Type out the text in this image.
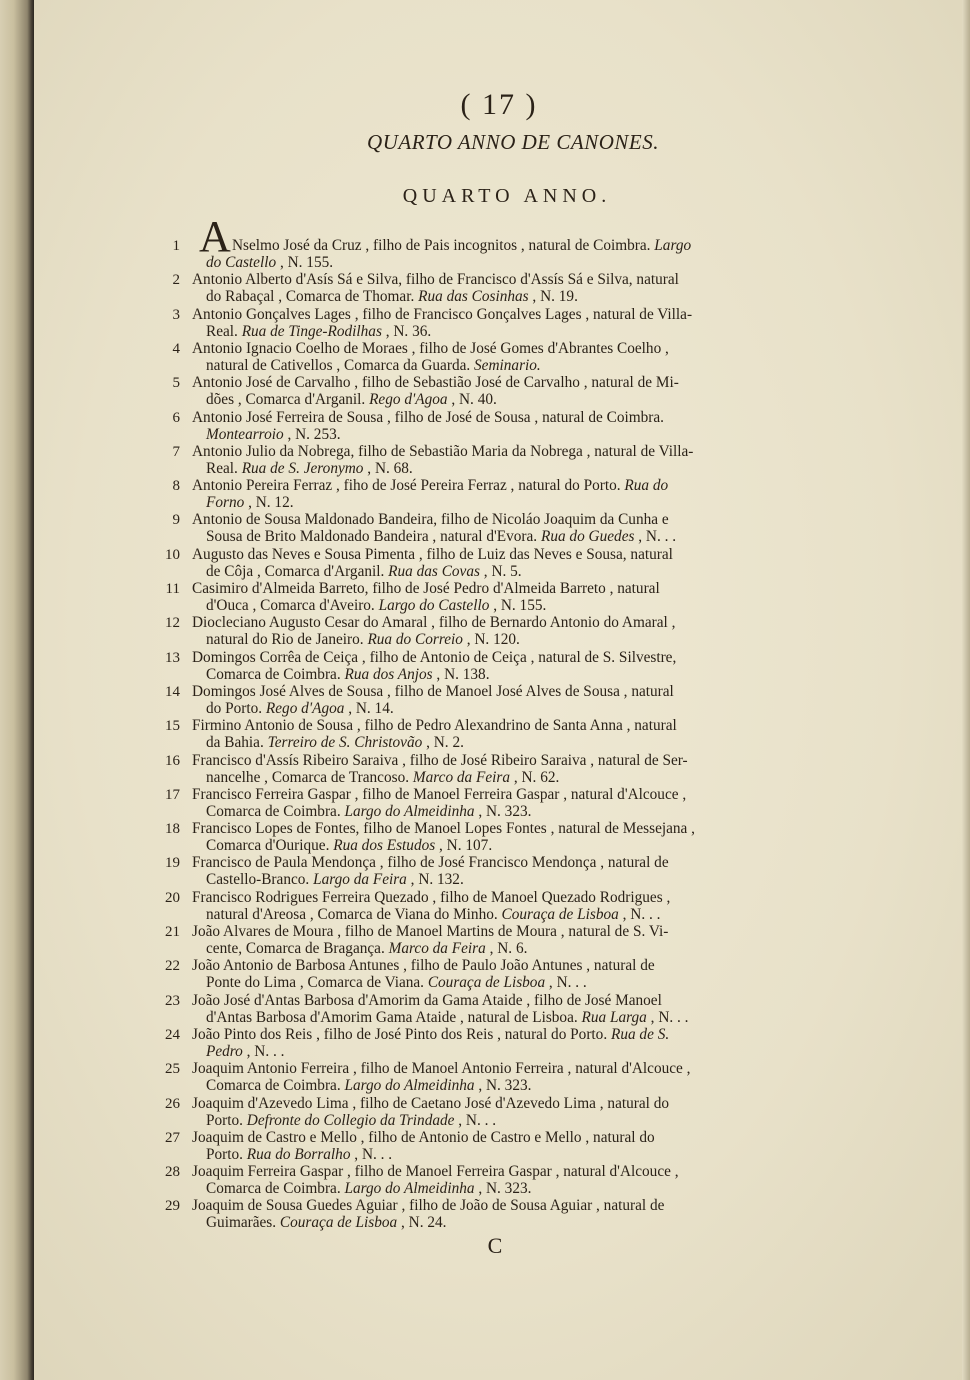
( 17 )
QUARTO ANNO DE CANONES.
QUARTO ANNO.
A
1	Nselmo José da Cruz , filho de Pais incognitos , natural de Coimbra. Largo
do Castello , N. 155.
2 Antonio Alberto d'Asís Sá e Silva, filho de Francisco d'Assís Sá e Silva, natural
do Rabaçal , Comarca de Thomar. Rua das Cosinhas , N. 19.
3 Antonio Gonçalves Lages , filho de Francisco Gonçalves Lages , natural de Villa-
Real. Rua de Tinge-Rodilhas , N. 36.
4 Antonio Ignacio Coelho de Moraes , filho de José Gomes d'Abrantes Coelho ,
natural de Cativellos , Comarca da Guarda. Seminario.
5 Antonio José de Carvalho , filho de Sebastião José de Carvalho , natural de Mi-
dões , Comarca d'Arganil. Rego d'Agoa , N. 40.
6 Antonio José Ferreira de Sousa , filho de José de Sousa , natural de Coimbra.
Montearroio , N. 253.
7 Antonio Julio da Nobrega, filho de Sebastião Maria da Nobrega , natural de Villa-
Real. Rua de S. Jeronymo , N. 68.
8 Antonio Pereira Ferraz , fiho de José Pereira Ferraz , natural do Porto. Rua do
Forno , N. 12.
9 Antonio de Sousa Maldonado Bandeira, filho de Nicoláo Joaquim da Cunha e
Sousa de Brito Maldonado Bandeira , natural d'Evora. Rua do Guedes , N. . .
10 Augusto das Neves e Sousa Pimenta , filho de Luiz das Neves e Sousa, natural
de Côja , Comarca d'Arganil. Rua das Covas , N. 5.
11 Casimiro d'Almeida Barreto, filho de José Pedro d'Almeida Barreto , natural
d'Ouca , Comarca d'Aveiro. Largo do Castello , N. 155.
12 Diocleciano Augusto Cesar do Amaral , filho de Bernardo Antonio do Amaral ,
natural do Rio de Janeiro. Rua do Correio , N. 120.
13 Domingos Corrêa de Ceiça , filho de Antonio de Ceiça , natural de S. Silvestre,
Comarca de Coimbra. Rua dos Anjos , N. 138.
14 Domingos José Alves de Sousa , filho de Manoel José Alves de Sousa , natural
do Porto. Rego d'Agoa , N. 14.
15 Firmino Antonio de Sousa , filho de Pedro Alexandrino de Santa Anna , natural
da Bahia. Terreiro de S. Christovão , N. 2.
16 Francisco d'Assís Ribeiro Saraiva , filho de José Ribeiro Saraiva , natural de Ser-
nancelhe , Comarca de Trancoso. Marco da Feira , N. 62.
17 Francisco Ferreira Gaspar , filho de Manoel Ferreira Gaspar , natural d'Alcouce ,
Comarca de Coimbra. Largo do Almeidinha , N. 323.
18 Francisco Lopes de Fontes, filho de Manoel Lopes Fontes , natural de Messejana ,
Comarca d'Ourique. Rua dos Estudos , N. 107.
19 Francisco de Paula Mendonça , filho de José Francisco Mendonça , natural de
Castello-Branco. Largo da Feira , N. 132.
20 Francisco Rodrigues Ferreira Quezado , filho de Manoel Quezado Rodrigues ,
natural d'Areosa , Comarca de Viana do Minho. Couraça de Lisboa , N. . .
21 João Alvares de Moura , filho de Manoel Martins de Moura , natural de S. Vi-
cente, Comarca de Bragança. Marco da Feira , N. 6.
22 João Antonio de Barbosa Antunes , filho de Paulo João Antunes , natural de
Ponte do Lima , Comarca de Viana. Couraça de Lisboa , N. . .
23 João José d'Antas Barbosa d'Amorim da Gama Ataide , filho de José Manoel
d'Antas Barbosa d'Amorim Gama Ataide , natural de Lisboa. Rua Larga , N. . .
24 João Pinto dos Reis , filho de José Pinto dos Reis , natural do Porto. Rua de S.
Pedro , N. . .
25 Joaquim Antonio Ferreira , filho de Manoel Antonio Ferreira , natural d'Alcouce ,
Comarca de Coimbra. Largo do Almeidinha , N. 323.
26 Joaquim d'Azevedo Lima , filho de Caetano José d'Azevedo Lima , natural do
Porto. Defronte do Collegio da Trindade , N. . .
27 Joaquim de Castro e Mello , filho de Antonio de Castro e Mello , natural do
Porto. Rua do Borralho , N. . .
28 Joaquim Ferreira Gaspar , filho de Manoel Ferreira Gaspar , natural d'Alcouce ,
Comarca de Coimbra. Largo do Almeidinha , N. 323.
29 Joaquim de Sousa Guedes Aguiar , filho de João de Sousa Aguiar , natural de
Guimarães. Couraça de Lisboa , N. 24.
C
